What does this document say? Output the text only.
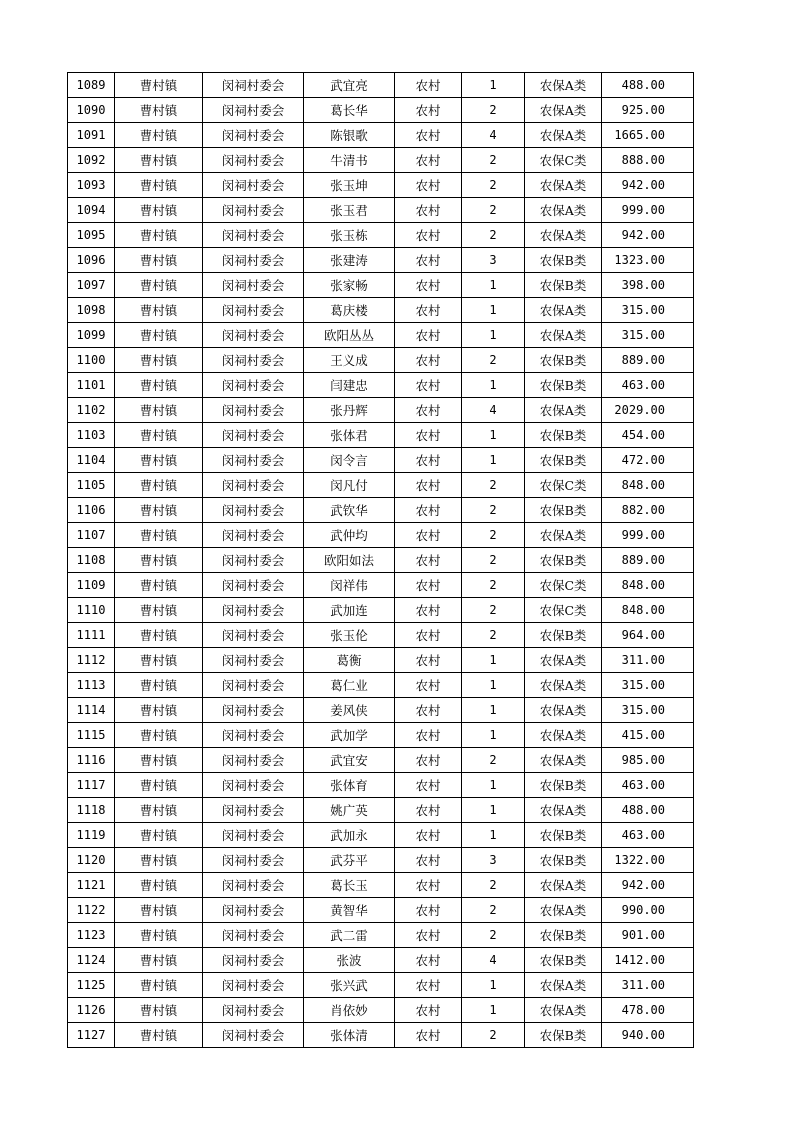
1089	曹村镇	闵祠村委会	武宜亮	农村	1	农保A类	488.00
1090	曹村镇	闵祠村委会	葛长华	农村	2	农保A类	925.00
1091	曹村镇	闵祠村委会	陈银歌	农村	4	农保A类	1665.00
1092	曹村镇	闵祠村委会	牛清书	农村	2	农保C类	888.00
1093	曹村镇	闵祠村委会	张玉坤	农村	2	农保A类	942.00
1094	曹村镇	闵祠村委会	张玉君	农村	2	农保A类	999.00
1095	曹村镇	闵祠村委会	张玉栋	农村	2	农保A类	942.00
1096	曹村镇	闵祠村委会	张建涛	农村	3	农保B类	1323.00
1097	曹村镇	闵祠村委会	张家畅	农村	1	农保B类	398.00
1098	曹村镇	闵祠村委会	葛庆楼	农村	1	农保A类	315.00
1099	曹村镇	闵祠村委会	欧阳丛丛	农村	1	农保A类	315.00
1100	曹村镇	闵祠村委会	王义成	农村	2	农保B类	889.00
1101	曹村镇	闵祠村委会	闫建忠	农村	1	农保B类	463.00
1102	曹村镇	闵祠村委会	张丹辉	农村	4	农保A类	2029.00
1103	曹村镇	闵祠村委会	张体君	农村	1	农保B类	454.00
1104	曹村镇	闵祠村委会	闵令言	农村	1	农保B类	472.00
1105	曹村镇	闵祠村委会	闵凡付	农村	2	农保C类	848.00
1106	曹村镇	闵祠村委会	武钦华	农村	2	农保B类	882.00
1107	曹村镇	闵祠村委会	武仲均	农村	2	农保A类	999.00
1108	曹村镇	闵祠村委会	欧阳如法	农村	2	农保B类	889.00
1109	曹村镇	闵祠村委会	闵祥伟	农村	2	农保C类	848.00
1110	曹村镇	闵祠村委会	武加连	农村	2	农保C类	848.00
1111	曹村镇	闵祠村委会	张玉伦	农村	2	农保B类	964.00
1112	曹村镇	闵祠村委会	葛衡	农村	1	农保A类	311.00
1113	曹村镇	闵祠村委会	葛仁业	农村	1	农保A类	315.00
1114	曹村镇	闵祠村委会	姜风侠	农村	1	农保A类	315.00
1115	曹村镇	闵祠村委会	武加学	农村	1	农保A类	415.00
1116	曹村镇	闵祠村委会	武宜安	农村	2	农保A类	985.00
1117	曹村镇	闵祠村委会	张体育	农村	1	农保B类	463.00
1118	曹村镇	闵祠村委会	姚广英	农村	1	农保A类	488.00
1119	曹村镇	闵祠村委会	武加永	农村	1	农保B类	463.00
1120	曹村镇	闵祠村委会	武芬平	农村	3	农保B类	1322.00
1121	曹村镇	闵祠村委会	葛长玉	农村	2	农保A类	942.00
1122	曹村镇	闵祠村委会	黄智华	农村	2	农保A类	990.00
1123	曹村镇	闵祠村委会	武二雷	农村	2	农保B类	901.00
1124	曹村镇	闵祠村委会	张波	农村	4	农保B类	1412.00
1125	曹村镇	闵祠村委会	张兴武	农村	1	农保A类	311.00
1126	曹村镇	闵祠村委会	肖依妙	农村	1	农保A类	478.00
1127	曹村镇	闵祠村委会	张体清	农村	2	农保B类	940.00
